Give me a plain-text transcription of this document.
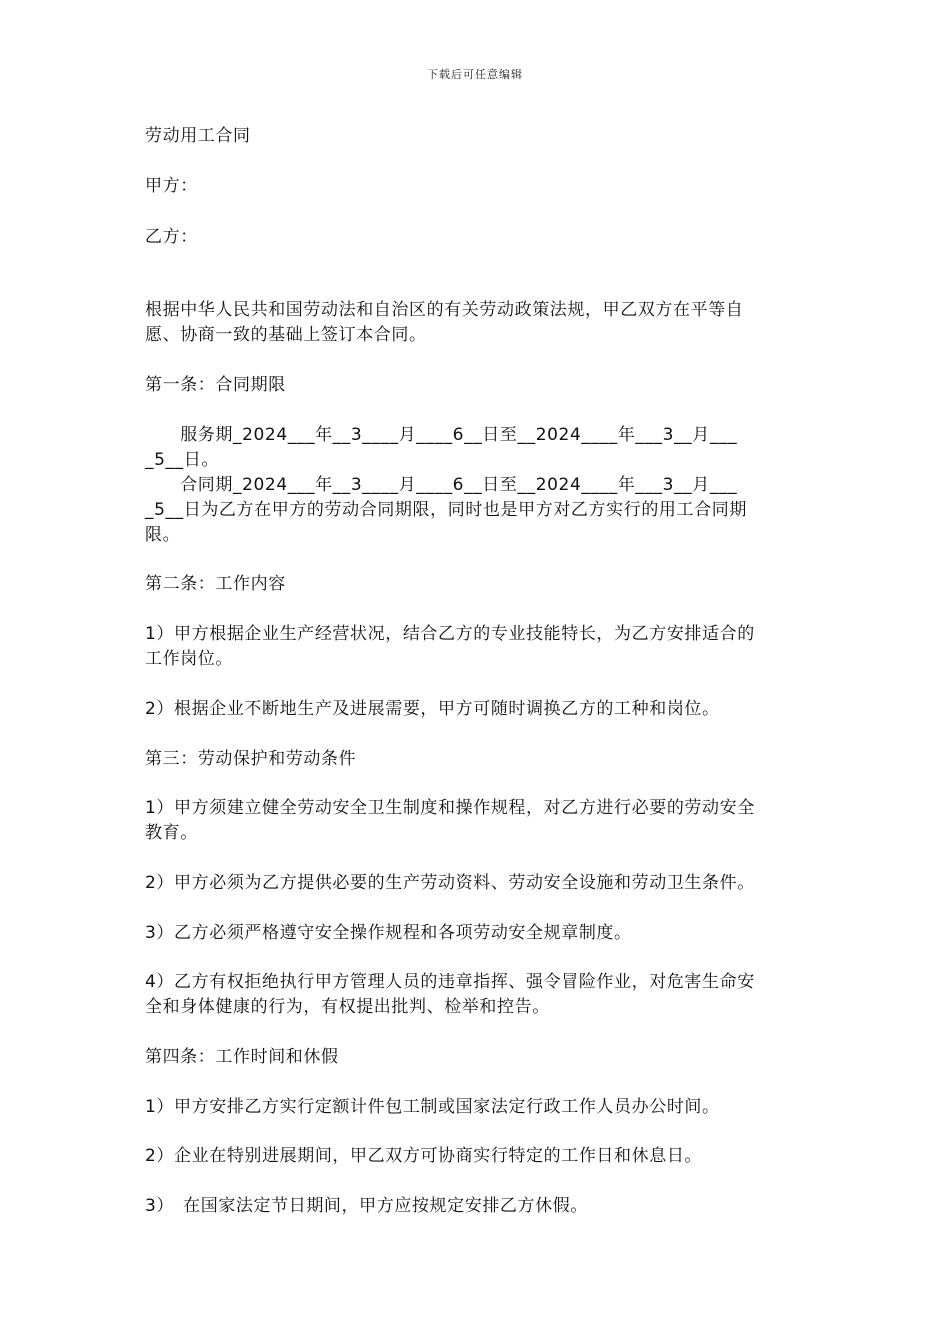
下载后可任意编辑
劳动用工合同
甲方：
乙方：
根据中华人民共和国劳动法和自治区的有关劳动政策法规，甲乙双方在平等自
愿、协商一致的基础上签订本合同。
第一条：合同期限
　　服务期_2024___年__3____月____6__日至__2024____年___3__月___
_5__日。
　　合同期_2024___年__3____月____6__日至__2024____年___3__月___
_5__日为乙方在甲方的劳动合同期限，同时也是甲方对乙方实行的用工合同期
限。
第二条：工作内容
1）甲方根据企业生产经营状况，结合乙方的专业技能特长，为乙方安排适合的
工作岗位。
2）根据企业不断地生产及进展需要，甲方可随时调换乙方的工种和岗位。
第三：劳动保护和劳动条件
1）甲方须建立健全劳动安全卫生制度和操作规程，对乙方进行必要的劳动安全
教育。
2）甲方必须为乙方提供必要的生产劳动资料、劳动安全设施和劳动卫生条件。
3）乙方必须严格遵守安全操作规程和各项劳动安全规章制度。
4）乙方有权拒绝执行甲方管理人员的违章指挥、强令冒险作业，对危害生命安
全和身体健康的行为，有权提出批判、检举和控告。
第四条：工作时间和休假
1）甲方安排乙方实行定额计件包工制或国家法定行政工作人员办公时间。
2）企业在特别进展期间，甲乙双方可协商实行特定的工作日和休息日。
3）　在国家法定节日期间，甲方应按规定安排乙方休假。
